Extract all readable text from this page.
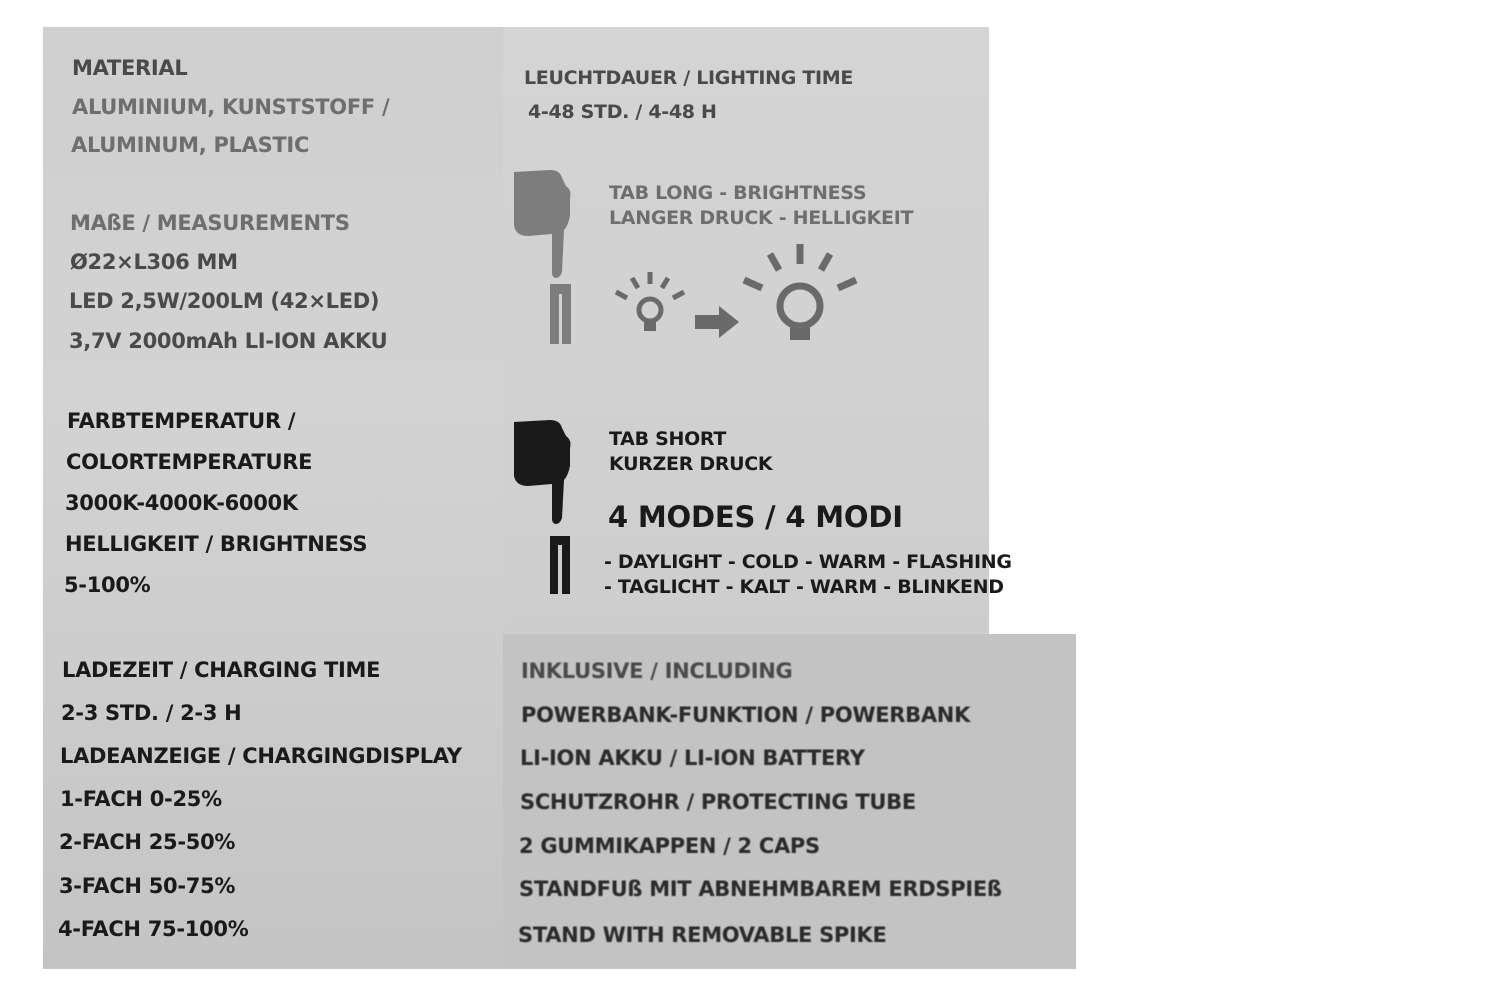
MATERIAL
ALUMINIUM, KUNSTSTOFF /
ALUMINUM, PLASTIC
MAßE / MEASUREMENTS
Ø22×L306 MM
LED 2,5W/200LM (42×LED)
3,7V 2000mAh LI-ION AKKU
FARBTEMPERATUR /
COLORTEMPERATURE
3000K-4000K-6000K
HELLIGKEIT / BRIGHTNESS
5-100%
LADEZEIT / CHARGING TIME
2-3 STD. / 2-3 H
LADEANZEIGE / CHARGINGDISPLAY
1-FACH 0-25%
2-FACH 25-50%
3-FACH 50-75%
4-FACH 75-100%
LEUCHTDAUER / LIGHTING TIME
4-48 STD. / 4-48 H
TAB LONG - BRIGHTNESS
LANGER DRUCK - HELLIGKEIT
TAB SHORT
KURZER DRUCK
4 MODES / 4 MODI
- DAYLIGHT - COLD - WARM - FLASHING
- TAGLICHT - KALT - WARM - BLINKEND
INKLUSIVE / INCLUDING
POWERBANK-FUNKTION / POWERBANK
LI-ION AKKU / LI-ION BATTERY
SCHUTZROHR / PROTECTING TUBE
2 GUMMIKAPPEN / 2 CAPS
STANDFUß MIT ABNEHMBAREM ERDSPIEß
STAND WITH REMOVABLE SPIKE
